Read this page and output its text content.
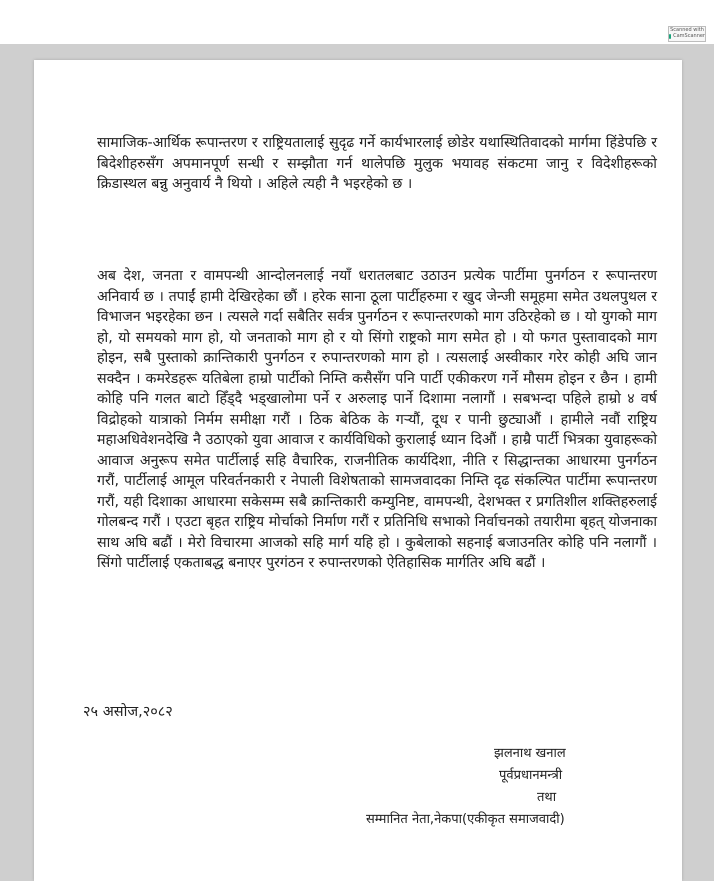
Scanned with
CamScanner

सामाजिक-आर्थिक रूपान्तरण र राष्ट्रियतालाई सुदृढ गर्ने कार्यभारलाई छोडेर यथास्थितिवादको मार्गमा हिंडेपछि र बिदेशीहरुसँग अपमानपूर्ण सन्धी र सम्झौता गर्न थालेपछि मुलुक भयावह संकटमा जानु र विदेशीहरूको क्रिडास्थल बन्नु अनुवार्य नै थियो । अहिले त्यही नै भइरहेको छ ।

अब देश, जनता र वामपन्थी आन्दोलनलाई नयाँ धरातलबाट उठाउन प्रत्येक पार्टीमा पुनर्गठन र रूपान्तरण अनिवार्य छ । तपाईं हामी देखिरहेका छौं । हरेक साना ठूला पार्टीहरुमा र खुद जेन्जी समूहमा समेत उथलपुथल र विभाजन भइरहेका छन । त्यसले गर्दा सबैतिर सर्वत्र पुनर्गठन र रूपान्तरणको माग उठिरहेको छ । यो युगको माग हो, यो समयको माग हो, यो जनताको माग हो र यो सिंगो राष्ट्रको माग समेत हो । यो फगत पुस्तावादको माग होइन, सबै पुस्ताको क्रान्तिकारी पुनर्गठन र रुपान्तरणको माग हो । त्यसलाई अस्वीकार गरेर कोही अघि जान सक्दैन । कमरेडहरू यतिबेला हाम्रो पार्टीको निम्ति कसैसँग पनि पार्टी एकीकरण गर्ने मौसम होइन र छैन । हामी कोहि पनि गलत बाटो हिँड्दै भड्खालोमा पर्ने र अरुलाइ पार्ने दिशामा नलागौं । सबभन्दा पहिले हाम्रो ४ वर्ष विद्रोहको यात्राको निर्मम समीक्षा गरौं । ठिक बेठिक के गऱ्यौं, दूध र पानी छुट्याऔं । हामीले नवौं राष्ट्रिय महाअधिवेशनदेखि नै उठाएको युवा आवाज र कार्यविधिको कुरालाई ध्यान दिऔं । हाम्रै पार्टी भित्रका युवाहरूको आवाज अनुरूप समेत पार्टीलाई सहि वैचारिक, राजनीतिक कार्यदिशा, नीति र सिद्धान्तका आधारमा पुनर्गठन गरौं, पार्टीलाई आमूल परिवर्तनकारी र नेपाली विशेषताको सामजवादका निम्ति दृढ संकल्पित पार्टीमा रूपान्तरण गरौं, यही दिशाका आधारमा सकेसम्म सबै क्रान्तिकारी कम्युनिष्ट, वामपन्थी, देशभक्त र प्रगतिशील शक्तिहरुलाई गोलबन्द गरौं । एउटा बृहत राष्ट्रिय मोर्चाको निर्माण गरौं र प्रतिनिधि सभाको निर्वाचनको तयारीमा बृहत् योजनाका साथ अघि बढौं । मेरो विचारमा आजको सहि मार्ग यहि हो । कुबेलाको सहनाई बजाउनतिर कोहि पनि नलागौं । सिंगो पार्टीलाई एकताबद्ध बनाएर पुरगंठन र रुपान्तरणको ऐतिहासिक मार्गतिर अघि बढौं ।

२५ असोज,२०८२
झलनाथ खनाल
पूर्वप्रधानमन्त्री
तथा
सम्मानित नेता,नेकपा(एकीकृत समाजवादी)
